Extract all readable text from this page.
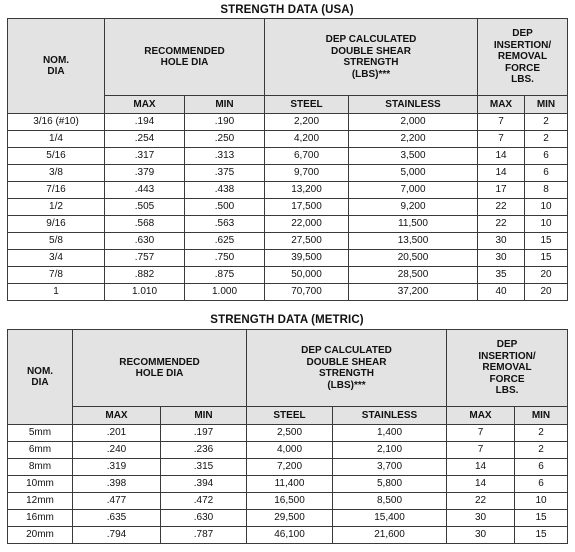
STRENGTH DATA (USA)
NOM.
DIA	RECOMMENDED
HOLE DIA		DEP CALCULATED
DOUBLE SHEAR
STRENGTH
(LBS)***		DEP
INSERTION/
REMOVAL
FORCE
LBS.	
	MAX	MIN	STEEL	STAINLESS	MAX	MIN
3/16 (#10)	.194	.190	2,200	2,000	7	2
1/4	.254	.250	4,200	2,200	7	2
5/16	.317	.313	6,700	3,500	14	6
3/8	.379	.375	9,700	5,000	14	6
7/16	.443	.438	13,200	7,000	17	8
1/2	.505	.500	17,500	9,200	22	10
9/16	.568	.563	22,000	11,500	22	10
5/8	.630	.625	27,500	13,500	30	15
3/4	.757	.750	39,500	20,500	30	15
7/8	.882	.875	50,000	28,500	35	20
1	1.010	1.000	70,700	37,200	40	20
STRENGTH DATA (METRIC)
NOM.
DIA	RECOMMENDED
HOLE DIA		DEP CALCULATED
DOUBLE SHEAR
STRENGTH
(LBS)***		DEP
INSERTION/
REMOVAL
FORCE
LBS.	
	MAX	MIN	STEEL	STAINLESS	MAX	MIN
5mm	.201	.197	2,500	1,400	7	2
6mm	.240	.236	4,000	2,100	7	2
8mm	.319	.315	7,200	3,700	14	6
10mm	.398	.394	11,400	5,800	14	6
12mm	.477	.472	16,500	8,500	22	10
16mm	.635	.630	29,500	15,400	30	15
20mm	.794	.787	46,100	21,600	30	15
